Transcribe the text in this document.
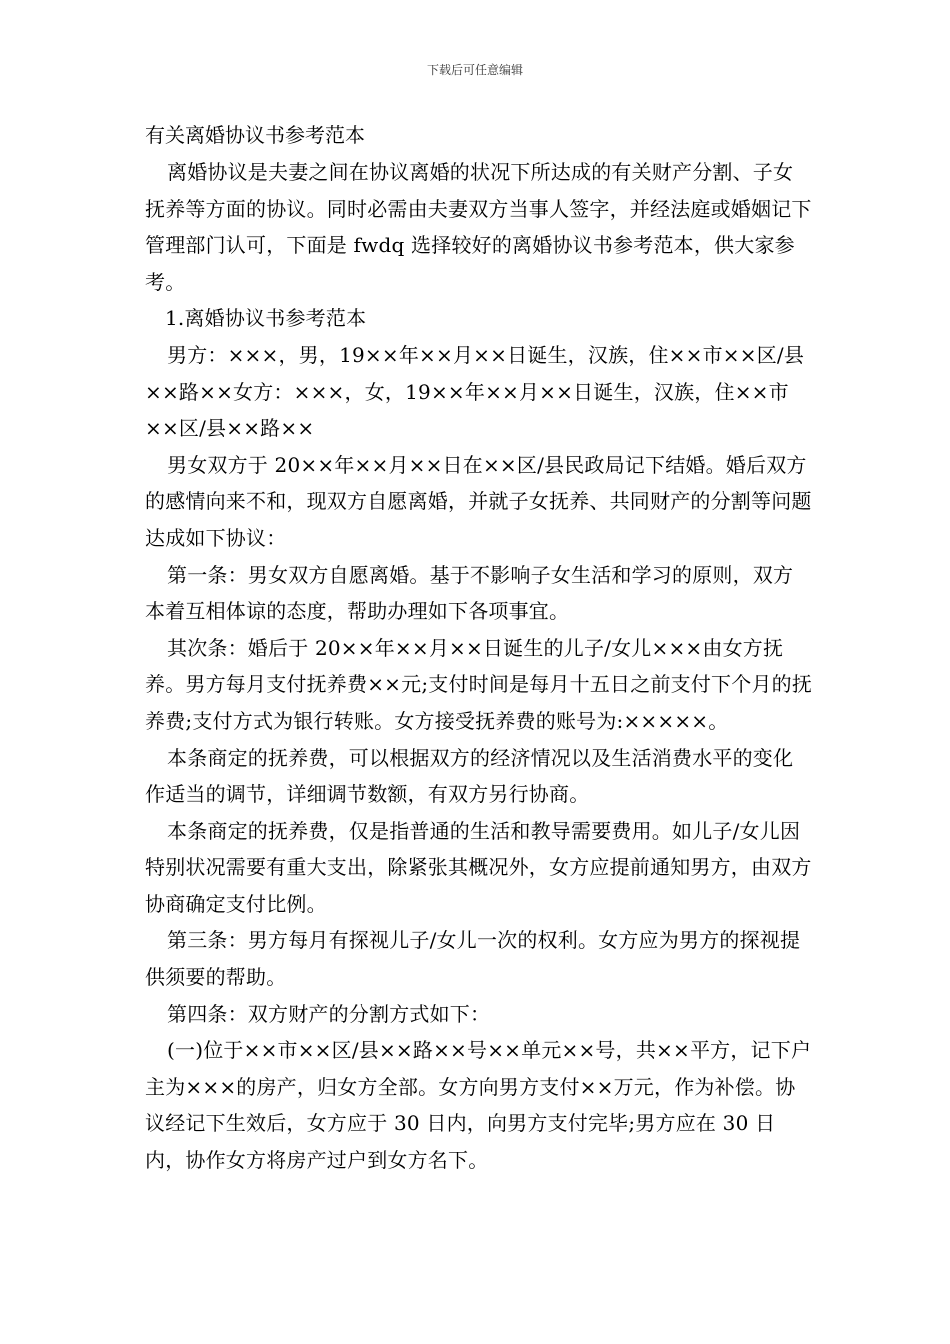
下载后可任意编辑
有关离婚协议书参考范本

离婚协议是夫妻之间在协议离婚的状况下所达成的有关财产分割、子女抚养等方面的协议。同时必需由夫妻双方当事人签字，并经法庭或婚姻记下管理部门认可，下面是 fwdq 选择较好的离婚协议书参考范本，供大家参考。

1.离婚协议书参考范本

男方：×××，男，19××年××月××日诞生，汉族，住××市××区/县××路××女方：×××，女，19××年××月××日诞生，汉族，住××市××区/县××路××

男女双方于 20××年××月××日在××区/县民政局记下结婚。婚后双方的感情向来不和，现双方自愿离婚，并就子女抚养、共同财产的分割等问题达成如下协议：

第一条：男女双方自愿离婚。基于不影响子女生活和学习的原则，双方本着互相体谅的态度，帮助办理如下各项事宜。

其次条：婚后于 20××年××月××日诞生的儿子/女儿×××由女方抚养。男方每月支付抚养费××元;支付时间是每月十五日之前支付下个月的抚养费;支付方式为银行转账。女方接受抚养费的账号为:×××××。

本条商定的抚养费，可以根据双方的经济情况以及生活消费水平的变化作适当的调节，详细调节数额，有双方另行协商。

本条商定的抚养费，仅是指普通的生活和教导需要费用。如儿子/女儿因特别状况需要有重大支出，除紧张其概况外，女方应提前通知男方，由双方协商确定支付比例。

第三条：男方每月有探视儿子/女儿一次的权利。女方应为男方的探视提供须要的帮助。

第四条：双方财产的分割方式如下：

(一)位于××市××区/县××路××号××单元××号，共××平方，记下户主为×××的房产，归女方全部。女方向男方支付××万元，作为补偿。协议经记下生效后，女方应于 30 日内，向男方支付完毕;男方应在 30 日内，协作女方将房产过户到女方名下。
